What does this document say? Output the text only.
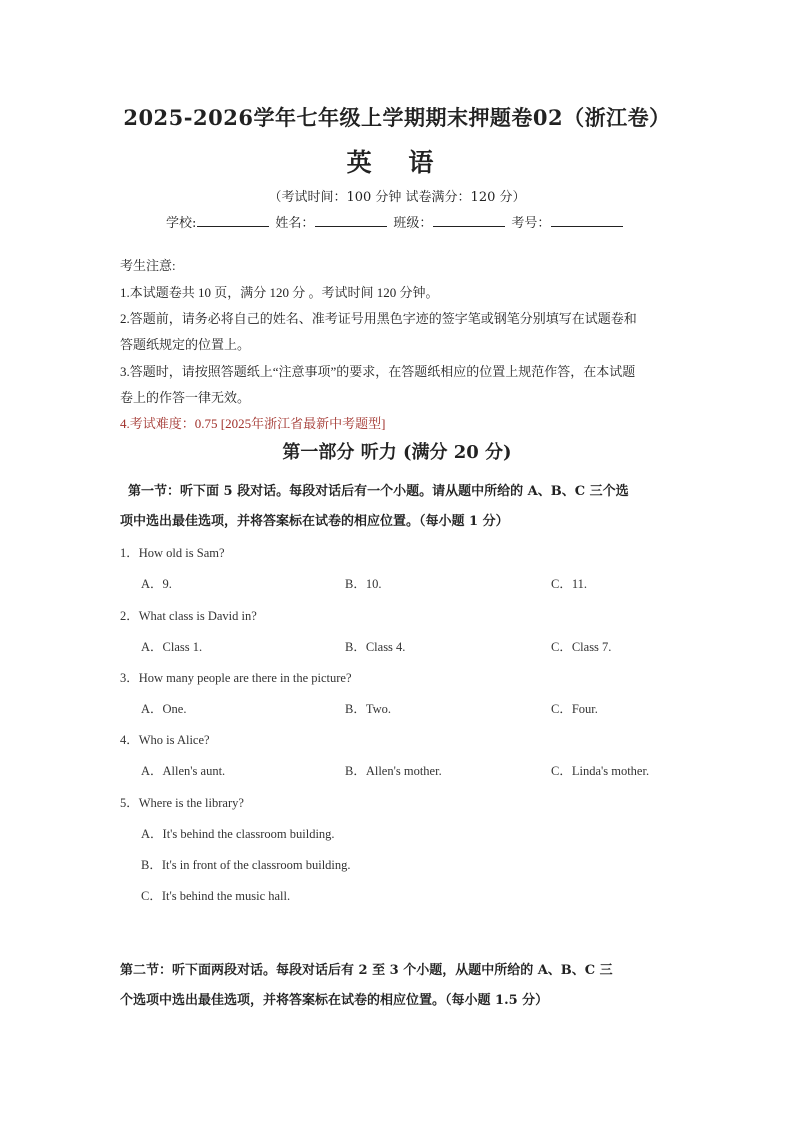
2025-2026学年七年级上学期期末押题卷02（浙江卷）
英 语
（考试时间：100 分钟 试卷满分：120 分）
学校:	姓名：	班级：	考号：
考生注意:
1.本试题卷共 10 页，满分 120 分 。考试时间 120 分钟。
2.答题前，请务必将自己的姓名、准考证号用黑色字迹的签字笔或钢笔分别填写在试题卷和
答题纸规定的位置上。
3.答题时，请按照答题纸上“注意事项”的要求，在答题纸相应的位置上规范作答，在本试题
卷上的作答一律无效。
4.考试难度：0.75 [2025年浙江省最新中考题型]
第一部分 听力 (满分 20 分)
第一节：听下面 5 段对话。每段对话后有一个小题。请从题中所给的 A、B、C 三个选
项中选出最佳选项，并将答案标在试卷的相应位置。（每小题 1 分）
1．How old is Sam?
A．9.	B．10.	C．11.
2．What class is David in?
A．Class 1.	B．Class 4.	C．Class 7.
3．How many people are there in the picture?
A．One.	B．Two.	C．Four.
4．Who is Alice?
A．Allen's aunt.	B．Allen's mother.	C．Linda's mother.
5．Where is the library?
A．It's behind the classroom building.
B．It's in front of the classroom building.
C．It's behind the music hall.
第二节：听下面两段对话。每段对话后有 2 至 3 个小题，从题中所给的 A、B、C 三
个选项中选出最佳选项，并将答案标在试卷的相应位置。（每小题 1.5 分）
